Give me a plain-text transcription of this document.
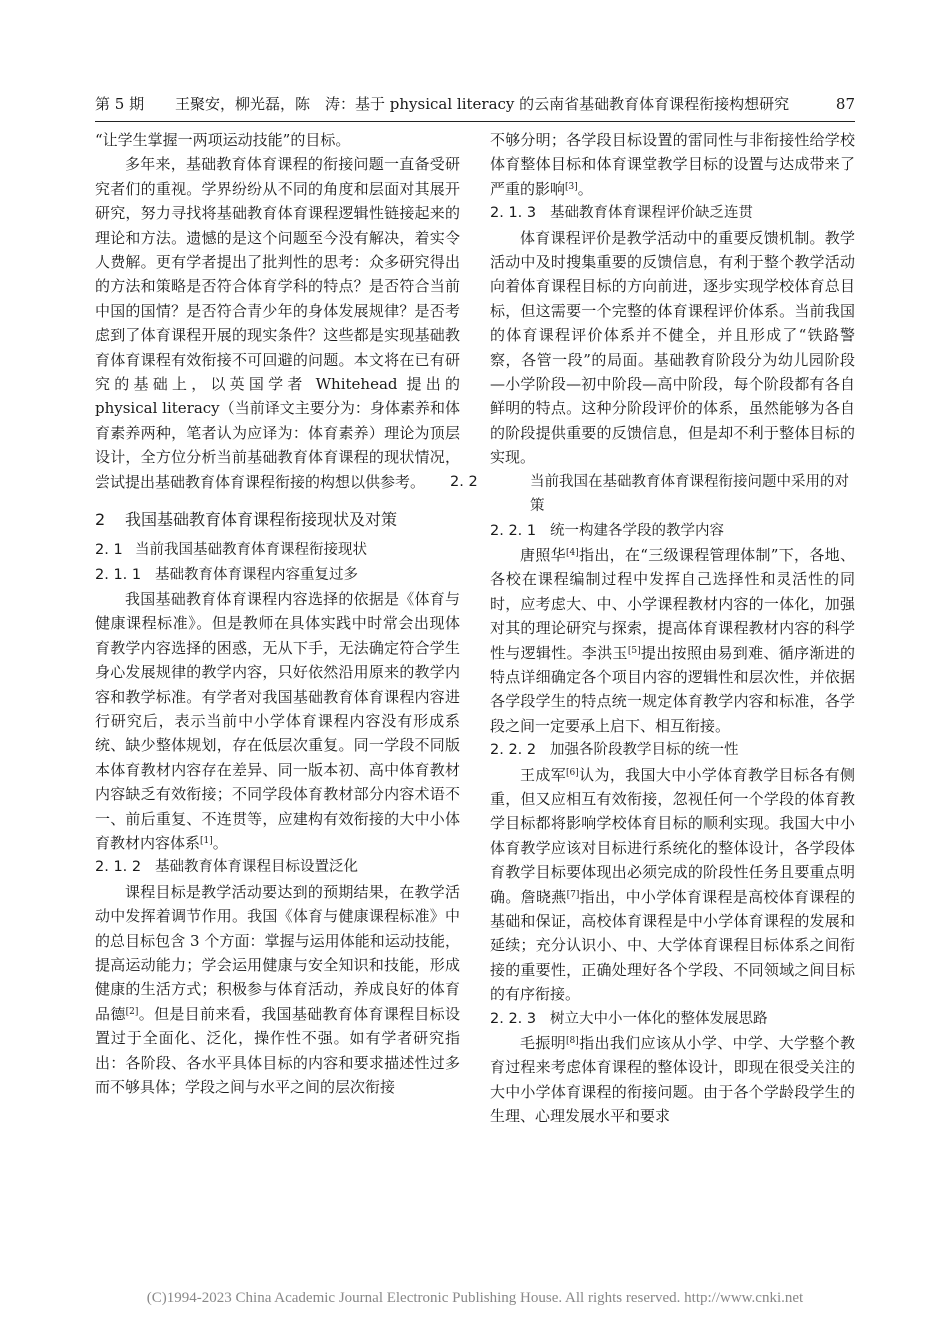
第 5 期 王聚安，柳光磊，陈　涛：基于 physical literacy 的云南省基础教育体育课程衔接构想研究	87

“让学生掌握一两项运动技能”的目标。

多年来，基础教育体育课程的衔接问题一直备受研究者们的重视。学界纷纷从不同的角度和层面对其展开研究，努力寻找将基础教育体育课程逻辑性链接起来的理论和方法。遗憾的是这个问题至今没有解决，着实令人费解。更有学者提出了批判性的思考：众多研究得出的方法和策略是否符合体育学科的特点？是否符合当前中国的国情？是否符合青少年的身体发展规律？是否考虑到了体育课程开展的现实条件？这些都是实现基础教育体育课程有效衔接不可回避的问题。本文将在已有研究的基础上，以英国学者 Whitehead 提出的 physical literacy（当前译文主要分为：身体素养和体育素养两种，笔者认为应译为：体育素养）理论为顶层设计，全方位分析当前基础教育体育课程的现状情况，尝试提出基础教育体育课程衔接的构想以供参考。

2 我国基础教育体育课程衔接现状及对策
2. 1 当前我国基础教育体育课程衔接现状
2. 1. 1 基础教育体育课程内容重复过多

我国基础教育体育课程内容选择的依据是《体育与健康课程标准》。但是教师在具体实践中时常会出现体育教学内容选择的困惑，无从下手，无法确定符合学生身心发展规律的教学内容，只好依然沿用原来的教学内容和教学标准。有学者对我国基础教育体育课程内容进行研究后，表示当前中小学体育课程内容没有形成系统、缺少整体规划，存在低层次重复。同一学段不同版本体育教材内容存在差异、同一版本初、高中体育教材内容缺乏有效衔接；不同学段体育教材部分内容术语不一、前后重复、不连贯等，应建构有效衔接的大中小体育教材内容体系[1]。

2. 1. 2 基础教育体育课程目标设置泛化

课程目标是教学活动要达到的预期结果，在教学活动中发挥着调节作用。我国《体育与健康课程标准》中的总目标包含 3 个方面：掌握与运用体能和运动技能，提高运动能力；学会运用健康与安全知识和技能，形成健康的生活方式；积极参与体育活动，养成良好的体育品德[2]。但是目前来看，我国基础教育体育课程目标设置过于全面化、泛化，操作性不强。如有学者研究指出：各阶段、各水平具体目标的内容和要求描述性过多而不够具体；学段之间与水平之间的层次衔接

不够分明；各学段目标设置的雷同性与非衔接性给学校体育整体目标和体育课堂教学目标的设置与达成带来了严重的影响[3]。

2. 1. 3 基础教育体育课程评价缺乏连贯

体育课程评价是教学活动中的重要反馈机制。教学活动中及时搜集重要的反馈信息，有利于整个教学活动向着体育课程目标的方向前进，逐步实现学校体育总目标，但这需要一个完整的体育课程评价体系。当前我国的体育课程评价体系并不健全，并且形成了“铁路警察，各管一段”的局面。基础教育阶段分为幼儿园阶段—小学阶段—初中阶段—高中阶段，每个阶段都有各自鲜明的特点。这种分阶段评价的体系，虽然能够为各自的阶段提供重要的反馈信息，但是却不利于整体目标的实现。

2. 2	当前我国在基础教育体育课程衔接问题中采用的对策
2. 2. 1 统一构建各学段的教学内容

唐照华[4]指出，在“三级课程管理体制”下，各地、各校在课程编制过程中发挥自己选择性和灵活性的同时，应考虑大、中、小学课程教材内容的一体化，加强对其的理论研究与探索，提高体育课程教材内容的科学性与逻辑性。李洪玉[5]提出按照由易到难、循序渐进的特点详细确定各个项目内容的逻辑性和层次性，并依据各学段学生的特点统一规定体育教学内容和标准，各学段之间一定要承上启下、相互衔接。

2. 2. 2 加强各阶段教学目标的统一性

王成军[6]认为，我国大中小学体育教学目标各有侧重，但又应相互有效衔接，忽视任何一个学段的体育教学目标都将影响学校体育目标的顺利实现。我国大中小体育教学应该对目标进行系统化的整体设计，各学段体育教学目标要体现出必须完成的阶段性任务且要重点明确。詹晓燕[7]指出，中小学体育课程是高校体育课程的基础和保证，高校体育课程是中小学体育课程的发展和延续；充分认识小、中、大学体育课程目标体系之间衔接的重要性，正确处理好各个学段、不同领域之间目标的有序衔接。

2. 2. 3 树立大中小一体化的整体发展思路

毛振明[8]指出我们应该从小学、中学、大学整个教育过程来考虑体育课程的整体设计，即现在很受关注的大中小学体育课程的衔接问题。由于各个学龄段学生的生理、心理发展水平和要求

(C)1994-2023 China Academic Journal Electronic Publishing House. All rights reserved. http://www.cnki.net
